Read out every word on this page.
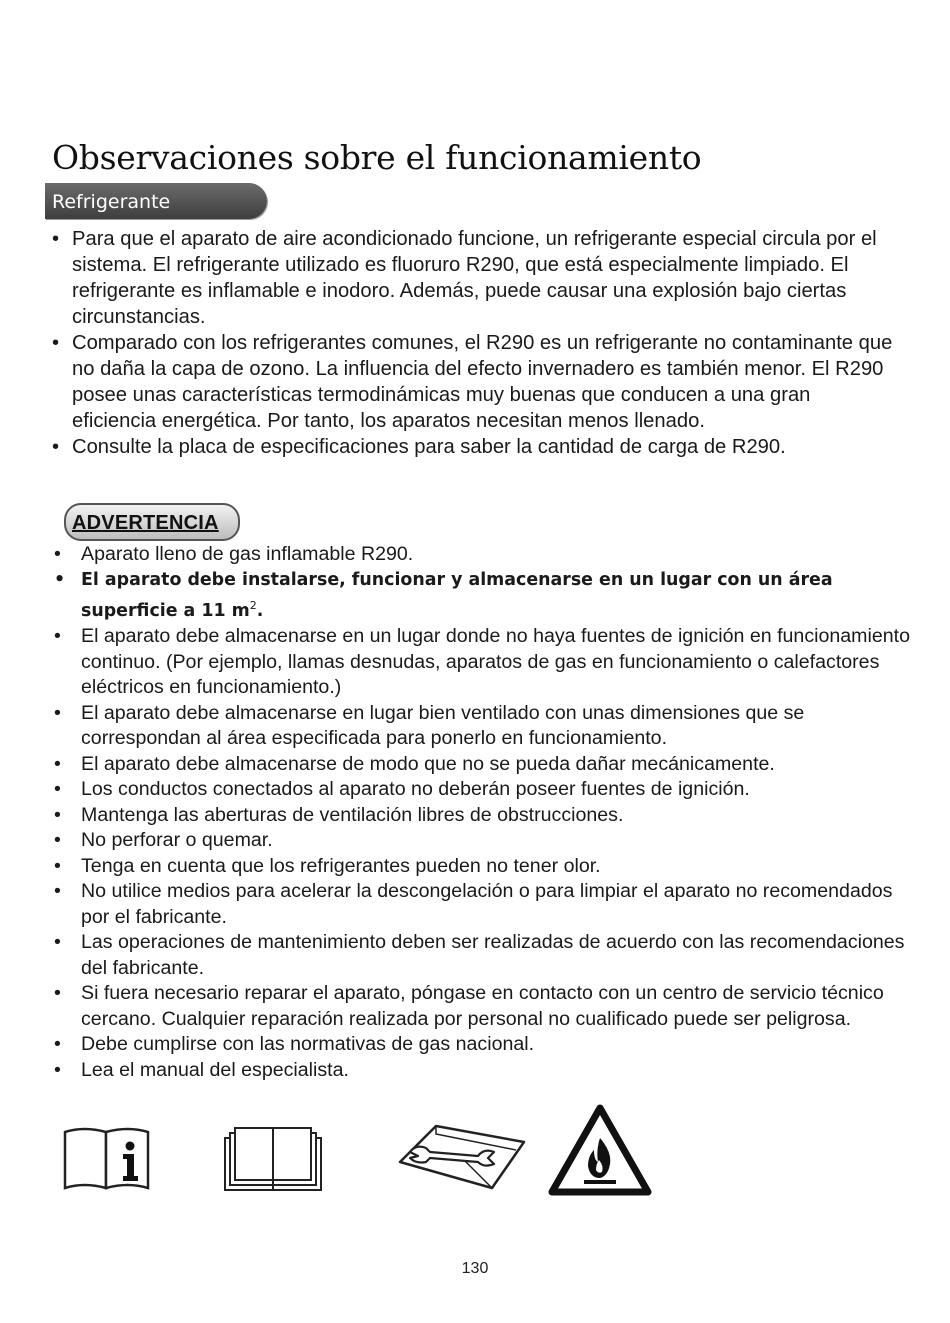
Observaciones sobre el funcionamiento
Refrigerante
• Para que el aparato de aire acondicionado funcione, un refrigerante especial circula por el sistema. El refrigerante utilizado es fluoruro R290, que está especialmente limpiado. El refrigerante es inflamable e inodoro. Además, puede causar una explosión bajo ciertas circunstancias.
• Comparado con los refrigerantes comunes, el R290 es un refrigerante no contaminante que no daña la capa de ozono. La influencia del efecto invernadero es también menor. El R290 posee unas características termodinámicas muy buenas que conducen a una gran eficiencia energética. Por tanto, los aparatos necesitan menos llenado.
• Consulte la placa de especificaciones para saber la cantidad de carga de R290.
ADVERTENCIA
• Aparato lleno de gas inflamable R290.
• El aparato debe instalarse, funcionar y almacenarse en un lugar con un área superficie a 11 $m^2$.
• El aparato debe almacenarse en un lugar donde no haya fuentes de ignición en funcionamiento continuo. (Por ejemplo, llamas desnudas, aparatos de gas en funcionamiento o calefactores eléctricos en funcionamiento.)
• El aparato debe almacenarse en lugar bien ventilado con unas dimensiones que se correspondan al área especificada para ponerlo en funcionamiento.
• El aparato debe almacenarse de modo que no se pueda dañar mecánicamente.
• Los conductos conectados al aparato no deberán poseer fuentes de ignición.
• Mantenga las aberturas de ventilación libres de obstrucciones.
• No perforar o quemar.
• Tenga en cuenta que los refrigerantes pueden no tener olor.
• No utilice medios para acelerar la descongelación o para limpiar el aparato no recomendados por el fabricante.
• Las operaciones de mantenimiento deben ser realizadas de acuerdo con las recomendaciones del fabricante.
• Si fuera necesario reparar el aparato, póngase en contacto con un centro de servicio técnico cercano. Cualquier reparación realizada por personal no cualificado puede ser peligrosa.
• Debe cumplirse con las normativas de gas nacional.
• Lea el manual del especialista.
130
